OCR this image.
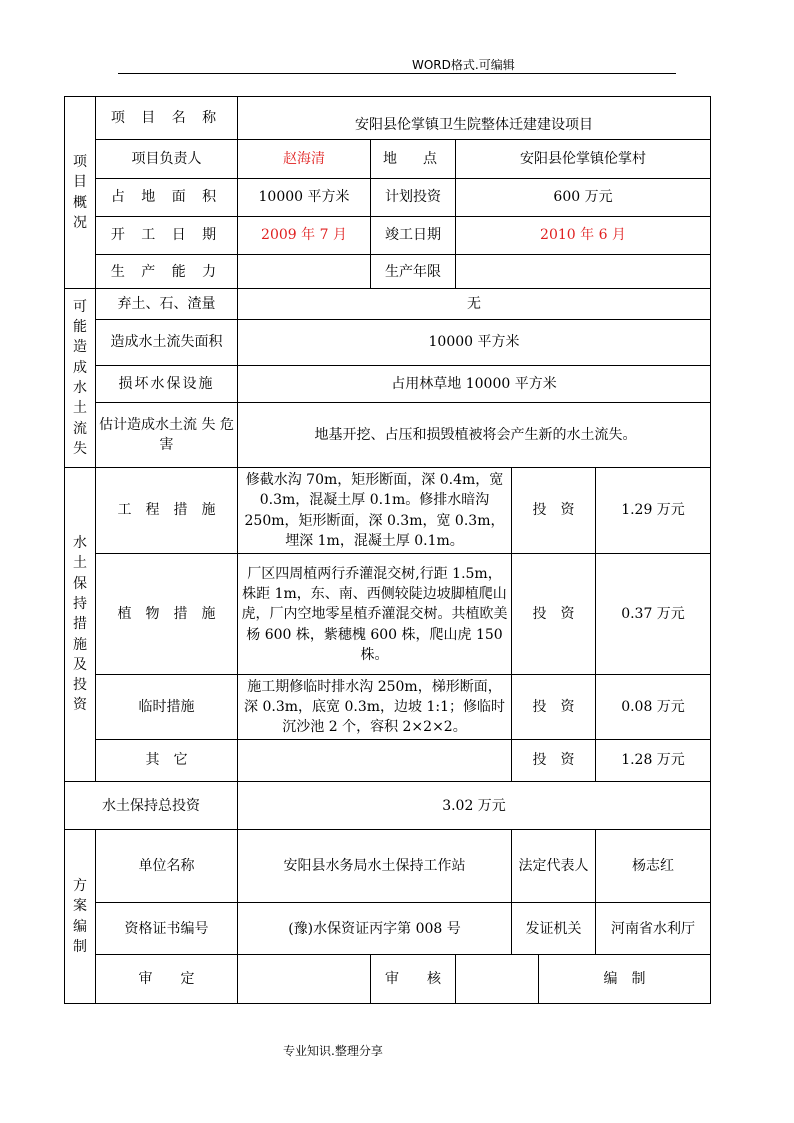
WORD格式.可编辑
项目概况	项 目 名 称	安阳县伦掌镇卫生院整体迁建建设项目						
	项目负责人	赵海清	地　点	安阳县伦掌镇伦掌村				
	占 地 面 积	10000 平方米	计划投资	600 万元				
	开 工 日 期	2009 年 7 月	竣工日期	2010 年 6 月				
	生 产 能 力		生产年限					

可能造成水土流失	弃土、石、渣量	无						
	造成水土流失面积	10000 平方米						
	损坏水保设施	占用林草地 10000 平方米						
	估计造成水土流 失 危 害	地基开挖、占压和损毁植被将会产生新的水土流失。						

水土保持措施及投资	工　程　措　施	修截水沟 70m，矩形断面，深 0.4m，宽 0.3m，混凝土厚 0.1m。修排水暗沟 250m，矩形断面，深 0.3m，宽 0.3m，埋深 1m，混凝土厚 0.1m。			投　资		1.29 万元	
	植　物　措　施	厂区四周植两行乔灌混交树,行距 1.5m，株距 1m，东、南、西侧较陡边坡脚植爬山虎，厂内空地零星植乔灌混交树。共植欧美杨 600 株，紫穗槐 600 株，爬山虎 150 株。			投　资		0.37 万元	
	临时措施	施工期修临时排水沟 250m，梯形断面，深 0.3m，底宽 0.3m，边坡 1:1；修临时沉沙池 2 个，容积 2×2×2。			投　资		0.08 万元	
	其　它				投　资		1.28 万元	
水土保持总投资		3.02 万元						

方案编制	单位名称	安阳县水务局水土保持工作站			法定代表人		杨志红	
	资格证书编号	(豫)水保资证丙字第 008 号			发证机关		河南省水利厅	
	审　　定		审　　核			编　制		
专业知识.整理分享
